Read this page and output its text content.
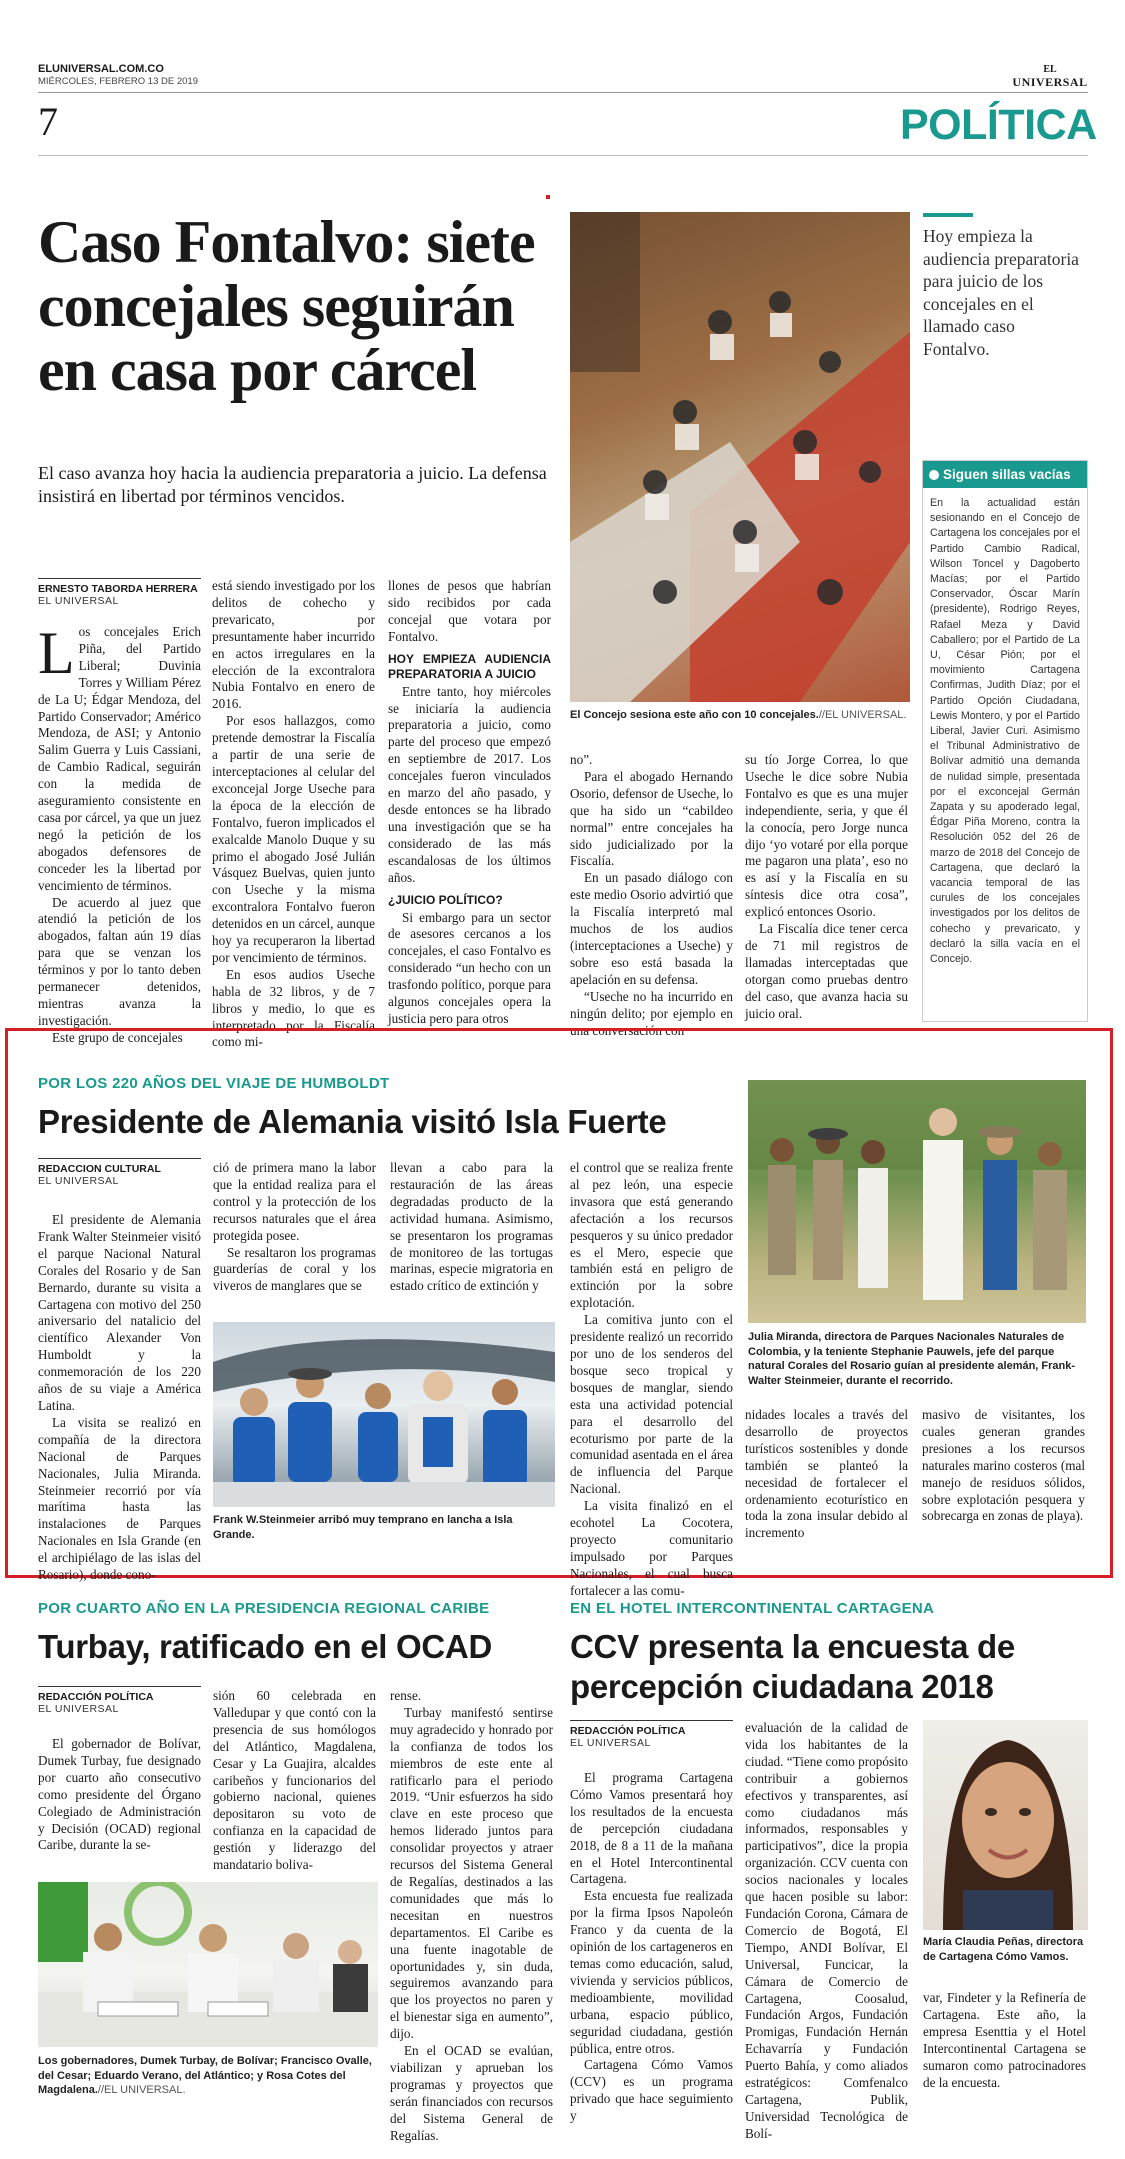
ELUNIVERSAL.COM.CO
MIÉRCOLES, FEBRERO 13 DE 2019
EL
UNIVERSAL
7	POLÍTICA
Caso Fontalvo: siete concejales seguirán en casa por cárcel
El caso avanza hoy hacia la audiencia preparatoria a juicio. La defensa insistirá en libertad por términos vencidos.
El Concejo sesiona este año con 10 concejales.//EL UNIVERSAL.
Hoy empieza la audiencia preparatoria para juicio de los concejales en el llamado caso Fontalvo.
Siguen sillas vacías
En la actualidad están sesionando en el Concejo de Cartagena los concejales por el Partido Cambio Radical, Wilson Toncel y Dagoberto Macías; por el Partido Conservador, Óscar Marín (presidente), Rodrigo Reyes, Rafael Meza y David Caballero; por el Partido de La U, César Pión; por el movimiento Cartagena Confirmas, Judith Díaz; por el Partido Opción Ciudadana, Lewis Montero, y por el Partido Liberal, Javier Curi. Asimismo el Tribunal Administrativo de Bolívar admitió una demanda de nulidad simple, presentada por el exconcejal Germán Zapata y su apoderado legal, Édgar Piña Moreno, contra la Resolución 052 del 26 de marzo de 2018 del Concejo de Cartagena, que declaró la vacancia temporal de las curules de los concejales investigados por los delitos de cohecho y prevaricato, y declaró la silla vacía en el Concejo.
ERNESTO TABORDA HERRERA
EL UNIVERSAL

Los concejales Erich Piña, del Partido Liberal; Duvinia Torres y William Pérez de La U; Édgar Mendoza, del Partido Conservador; Américo Mendoza, de ASI; y Antonio Salim Guerra y Luis Cassiani, de Cambio Radical, seguirán con la medida de aseguramiento consistente en casa por cárcel, ya que un juez negó la petición de los abogados defensores de conceder les la libertad por vencimiento de términos.

De acuerdo al juez que atendió la petición de los abogados, faltan aún 19 días para que se venzan los términos y por lo tanto deben permanecer detenidos, mientras avanza la investigación.

Este grupo de concejales

está siendo investigado por los delitos de cohecho y prevaricato, por presuntamente haber incurrido en actos irregulares en la elección de la excontralora Nubia Fontalvo en enero de 2016.

Por esos hallazgos, como pretende demostrar la Fiscalía a partir de una serie de interceptaciones al celular del exconcejal Jorge Useche para la época de la elección de Fontalvo, fueron implicados el exalcalde Manolo Duque y su primo el abogado José Julián Vásquez Buelvas, quien junto con Useche y la misma excontralora Fontalvo fueron detenidos en un cárcel, aunque hoy ya recuperaron la libertad por vencimiento de términos.

En esos audios Useche habla de 32 libros, y de 7 libros y medio, lo que es interpretado por la Fiscalía como mi-

llones de pesos que habrían sido recibidos por cada concejal que votara por Fontalvo.

HOY EMPIEZA AUDIENCIA PREPARATORIA A JUICIO

Entre tanto, hoy miércoles se iniciaría la audiencia preparatoria a juicio, como parte del proceso que empezó en septiembre de 2017. Los concejales fueron vinculados en marzo del año pasado, y desde entonces se ha librado una investigación que se ha considerado de las más escandalosas de los últimos años.

¿JUICIO POLÍTICO?

Si embargo para un sector de asesores cercanos a los concejales, el caso Fontalvo es considerado “un hecho con un trasfondo político, porque para algunos concejales opera la justicia pero para otros

no”.

Para el abogado Hernando Osorio, defensor de Useche, lo que ha sido un “cabildeo normal” entre concejales ha sido judicializado por la Fiscalía.

En un pasado diálogo con este medio Osorio advirtió que la Fiscalía interpretó mal muchos de los audios (interceptaciones a Useche) y sobre eso está basada la apelación en su defensa.

“Useche no ha incurrido en ningún delito; por ejemplo en una conversación con

su tío Jorge Correa, lo que Useche le dice sobre Nubia Fontalvo es que es una mujer independiente, seria, y que él la conocía, pero Jorge nunca dijo ‘yo votaré por ella porque me pagaron una plata’, eso no es así y la Fiscalía en su síntesis dice otra cosa”, explicó entonces Osorio.

La Fiscalía dice tener cerca de 71 mil registros de llamadas interceptadas que otorgan como pruebas dentro del caso, que avanza hacia su juicio oral.

POR LOS 220 AÑOS DEL VIAJE DE HUMBOLDT
Presidente de Alemania visitó Isla Fuerte
REDACCION CULTURAL
EL UNIVERSAL

El presidente de Alemania Frank Walter Steinmeier visitó el parque Nacional Natural Corales del Rosario y de San Bernardo, durante su visita a Cartagena con motivo del 250 aniversario del natalicio del científico Alexander Von Humboldt y la conmemoración de los 220 años de su viaje a América Latina.

La visita se realizó en compañía de la directora Nacional de Parques Nacionales, Julia Miranda. Steinmeier recorrió por vía marítima hasta las instalaciones de Parques Nacionales en Isla Grande (en el archipiélago de las islas del Rosario), donde cono-

ció de primera mano la labor que la entidad realiza para el control y la protección de los recursos naturales que el área protegida posee.

Se resaltaron los programas guarderías de coral y los viveros de manglares que se

llevan a cabo para la restauración de las áreas degradadas producto de la actividad humana. Asimismo, se presentaron los programas de monitoreo de las tortugas marinas, especie migratoria en estado crítico de extinción y

el control que se realiza frente al pez león, una especie invasora que está generando afectación a los recursos pesqueros y su único predador es el Mero, especie que también está en peligro de extinción por la sobre explotación.

La comitiva junto con el presidente realizó un recorrido por uno de los senderos del bosque seco tropical y bosques de manglar, siendo esta una actividad potencial para el desarrollo del ecoturismo por parte de la comunidad asentada en el área de influencia del Parque Nacional.

La visita finalizó en el ecohotel La Cocotera, proyecto comunitario impulsado por Parques Nacionales, el cual busca fortalecer a las comu-

nidades locales a través del desarrollo de proyectos turísticos sostenibles y donde también se planteó la necesidad de fortalecer el ordenamiento ecoturístico en toda la zona insular debido al incremento

masivo de visitantes, los cuales generan grandes presiones a los recursos naturales marino costeros (mal manejo de residuos sólidos, sobre explotación pesquera y sobrecarga en zonas de playa).

Frank W.Steinmeier arribó muy temprano en lancha a Isla Grande.
Julia Miranda, directora de Parques Nacionales Naturales de Colombia, y la teniente Stephanie Pauwels, jefe del parque natural Corales del Rosario guían al presidente alemán, Frank-Walter Steinmeier, durante el recorrido.
POR CUARTO AÑO EN LA PRESIDENCIA REGIONAL CARIBE
Turbay, ratificado en el OCAD
REDACCIÓN POLÍTICA
EL UNIVERSAL

El gobernador de Bolívar, Dumek Turbay, fue designado por cuarto año consecutivo como presidente del Órgano Colegiado de Administración y Decisión (OCAD) regional Caribe, durante la se-

sión 60 celebrada en Valledupar y que contó con la presencia de sus homólogos del Atlántico, Magdalena, Cesar y La Guajira, alcaldes caribeños y funcionarios del gobierno nacional, quienes depositaron su voto de confianza en la capacidad de gestión y liderazgo del mandatario boliva-

rense.

Turbay manifestó sentirse muy agradecido y honrado por la confianza de todos los miembros de este ente al ratificarlo para el periodo 2019. “Unir esfuerzos ha sido clave en este proceso que hemos liderado juntos para consolidar proyectos y atraer recursos del Sistema General de Regalías, destinados a las comunidades que más lo necesitan en nuestros departamentos. El Caribe es una fuente inagotable de oportunidades y, sin duda, seguiremos avanzando para que los proyectos no paren y el bienestar siga en aumento”, dijo.

En el OCAD se evalúan, viabilizan y aprueban los programas y proyectos que serán financiados con recursos del Sistema General de Regalías.

Los gobernadores, Dumek Turbay, de Bolívar; Francisco Ovalle, del Cesar; Eduardo Verano, del Atlántico; y Rosa Cotes del Magdalena.//EL UNIVERSAL.
EN EL HOTEL INTERCONTINENTAL CARTAGENA
CCV presenta la encuesta de percepción ciudadana 2018
REDACCIÓN POLÍTICA
EL UNIVERSAL

El programa Cartagena Cómo Vamos presentará hoy los resultados de la encuesta de percepción ciudadana 2018, de 8 a 11 de la mañana en el Hotel Intercontinental Cartagena.

Esta encuesta fue realizada por la firma Ipsos Napoleón Franco y da cuenta de la opinión de los cartageneros en temas como educación, salud, vivienda y servicios públicos, medioambiente, movilidad urbana, espacio público, seguridad ciudadana, gestión pública, entre otros.

Cartagena Cómo Vamos (CCV) es un programa privado que hace seguimiento y

evaluación de la calidad de vida los habitantes de la ciudad. “Tiene como propósito contribuir a gobiernos efectivos y transparentes, así como ciudadanos más informados, responsables y participativos”, dice la propia organización. CCV cuenta con socios nacionales y locales que hacen posible su labor: Fundación Corona, Cámara de Comercio de Bogotá, El Tiempo, ANDI Bolívar, El Universal, Funcicar, la Cámara de Comercio de Cartagena, Coosalud, Fundación Argos, Fundación Promigas, Fundación Hernán Echavarría y Fundación Puerto Bahía, y como aliados estratégicos: Comfenalco Cartagena, Publik, Universidad Tecnológica de Bolí-

María Claudia Peñas, directora de Cartagena Cómo Vamos.

var, Findeter y la Refinería de Cartagena. Este año, la empresa Esenttia y el Hotel Intercontinental Cartagena se sumaron como patrocinadores de la encuesta.
